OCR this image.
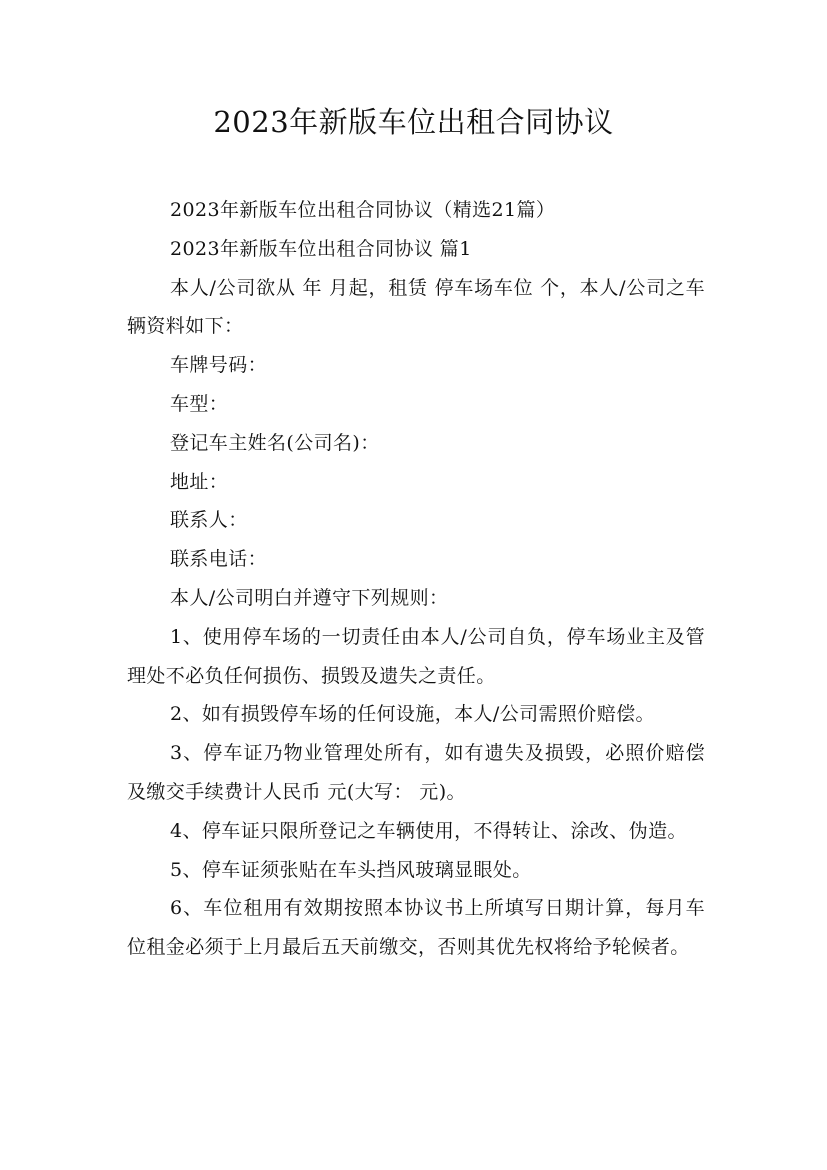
2023年新版车位出租合同协议

2023年新版车位出租合同协议（精选21篇）

2023年新版车位出租合同协议 篇1

本人/公司欲从 年 月起，租赁 停车场车位 个，本人/公司之车辆资料如下：

车牌号码：

车型：

登记车主姓名(公司名)：

地址：

联系人：

联系电话：

本人/公司明白并遵守下列规则：

1、使用停车场的一切责任由本人/公司自负，停车场业主及管理处不必负任何损伤、损毁及遗失之责任。

2、如有损毁停车场的任何设施，本人/公司需照价赔偿。

3、停车证乃物业管理处所有，如有遗失及损毁，必照价赔偿及缴交手续费计人民币 元(大写： 元)。

4、停车证只限所登记之车辆使用，不得转让、涂改、伪造。

5、停车证须张贴在车头挡风玻璃显眼处。

6、车位租用有效期按照本协议书上所填写日期计算，每月车位租金必须于上月最后五天前缴交，否则其优先权将给予轮候者。
